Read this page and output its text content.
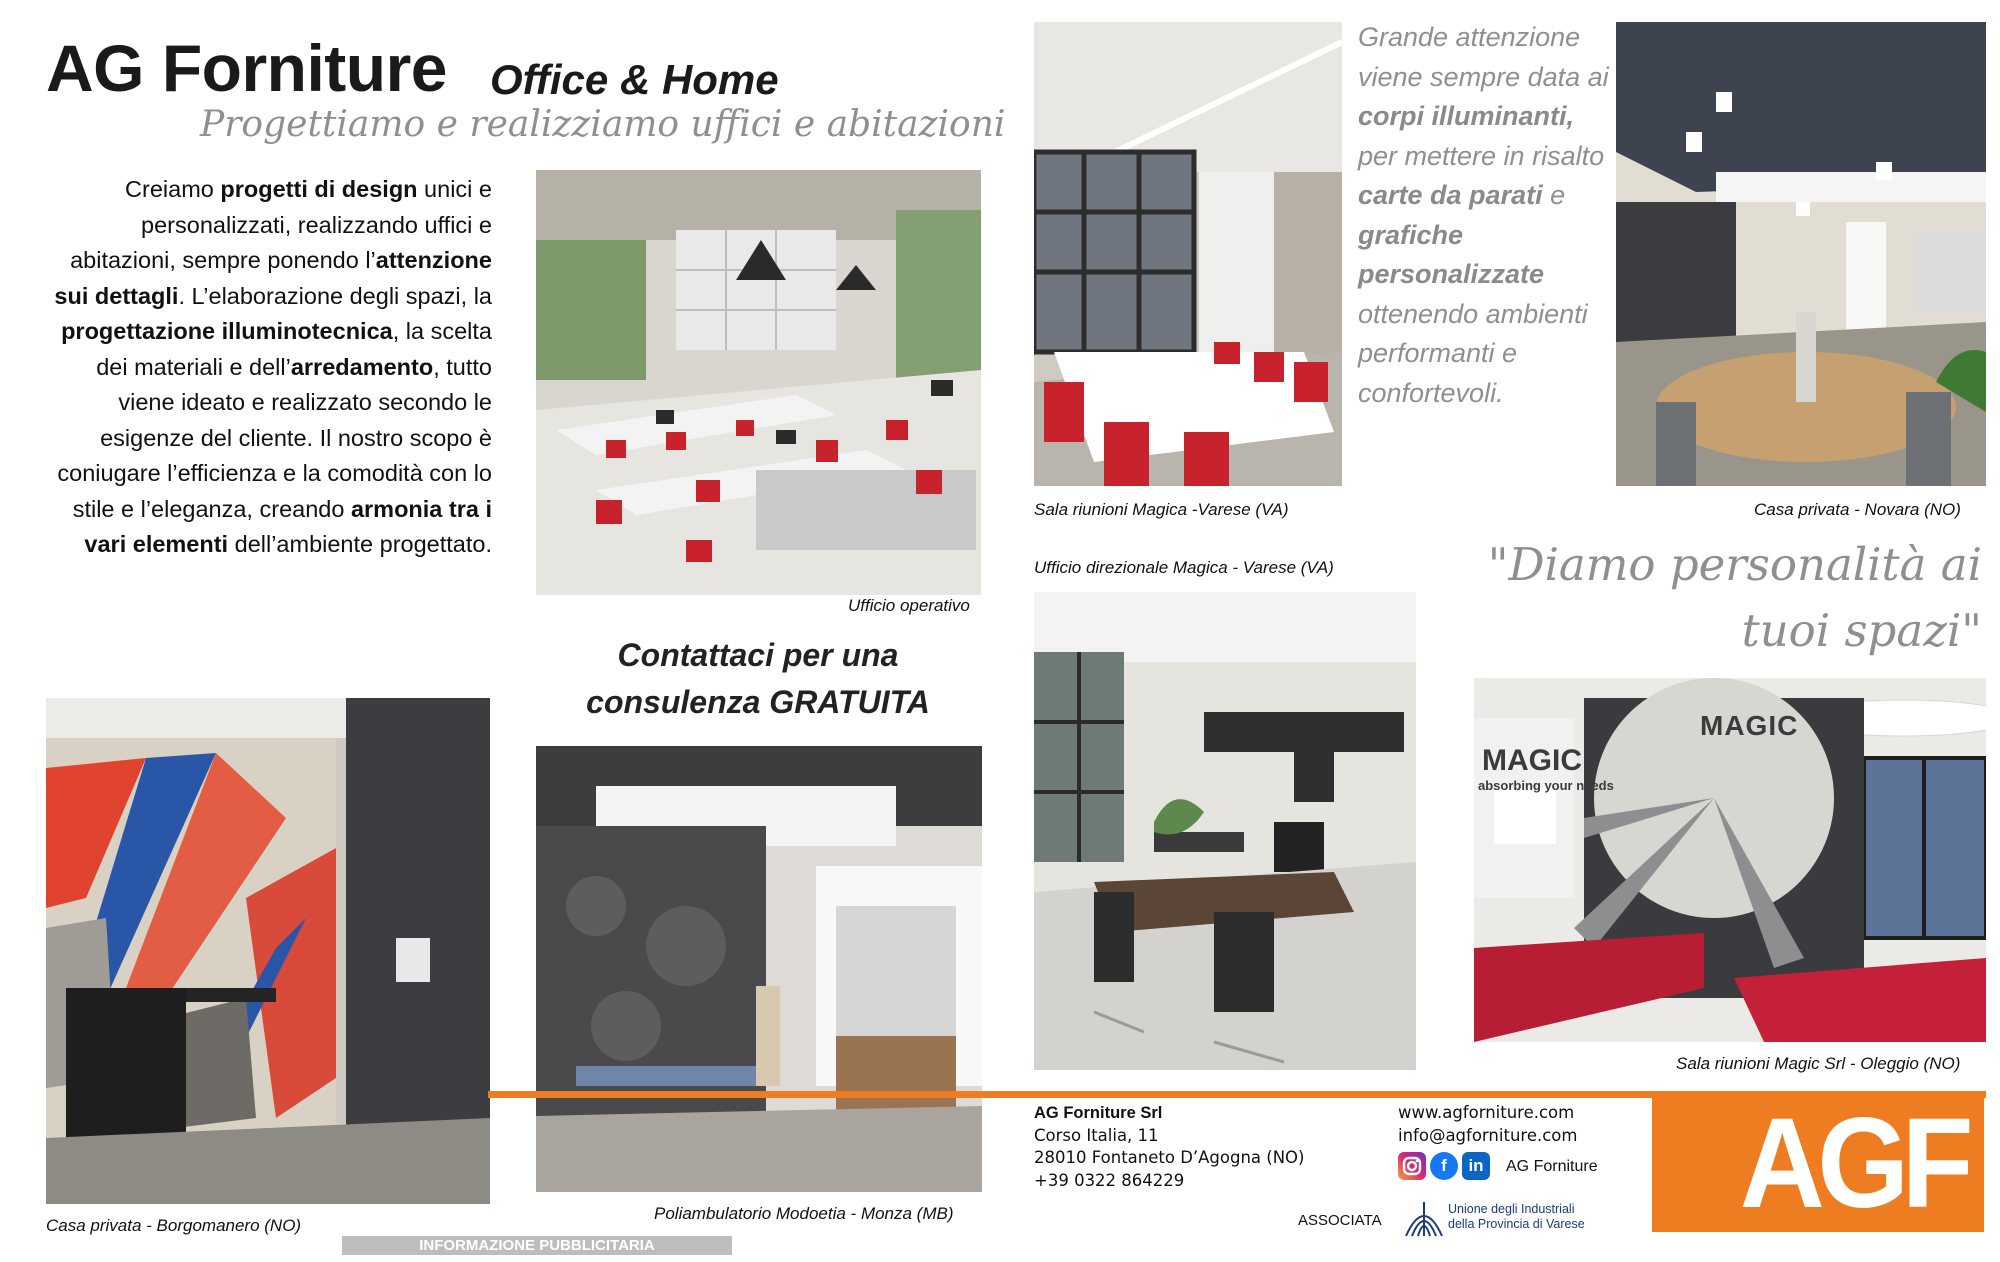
AG Forniture Office & Home
Progettiamo e realizziamo uffici e abitazioni
Creiamo progetti di design unici e personalizzati, realizzando uffici e abitazioni, sempre ponendo l’attenzione sui dettagli. L’elaborazione degli spazi, la progettazione illuminotecnica, la scelta dei materiali e dell’arredamento, tutto viene ideato e realizzato secondo le esigenze del cliente. Il nostro scopo è coniugare l’efficienza e la comodità con lo stile e l’eleganza, creando armonia tra i vari elementi dell’ambiente progettato.
Ufficio operativo
Contattaci per una
consulenza GRATUITA
Sala riunioni Magica -Varese (VA)
Grande attenzione viene sempre data ai corpi illuminanti, per mettere in risalto carte da parati e grafiche personalizzate ottenendo ambienti performanti e confortevoli.
Casa privata - Novara (NO)
Ufficio direzionale Magica - Varese (VA)	"Diamo personalità ai
tuoi spazi"
MAGIC
MAGIC
absorbing your needs
Sala riunioni Magic Srl - Oleggio (NO)
Casa privata - Borgomanero (NO)
Poliambulatorio Modoetia - Monza (MB)	AGF
AG Forniture Srl
Corso Italia, 11
28010 Fontaneto D’Agogna (NO)
+39 0322 864229
www.agforniture.com
info@agforniture.com
f	in	AG Forniture
ASSOCIATA
Unione degli Industriali
della Provincia di Varese
INFORMAZIONE PUBBLICITARIA
